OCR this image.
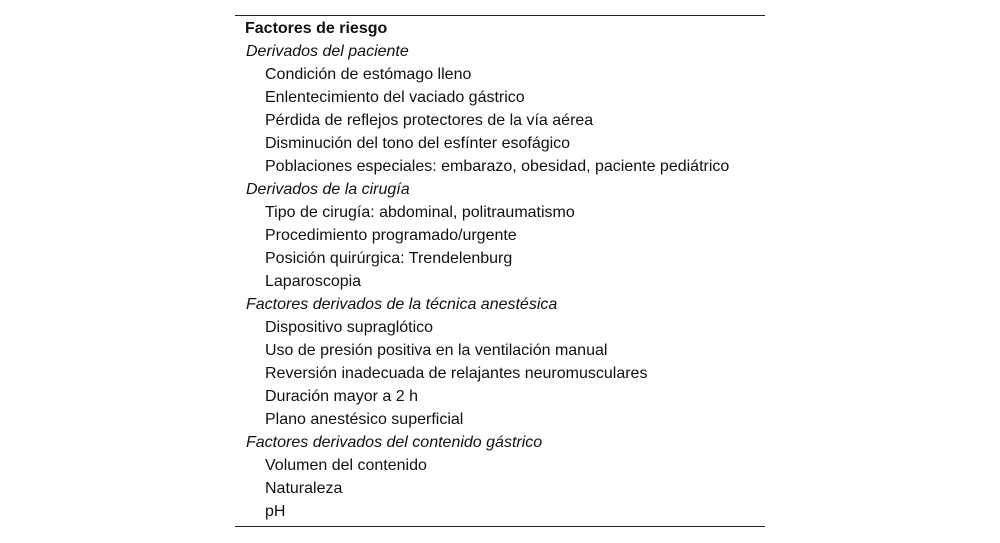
Factores de riesgo
Derivados del paciente
Condición de estómago lleno
Enlentecimiento del vaciado gástrico
Pérdida de reflejos protectores de la vía aérea
Disminución del tono del esfínter esofágico
Poblaciones especiales: embarazo, obesidad, paciente pediátrico
Derivados de la cirugía
Tipo de cirugía: abdominal, politraumatismo
Procedimiento programado/urgente
Posición quirúrgica: Trendelenburg
Laparoscopia
Factores derivados de la técnica anestésica
Dispositivo supraglótico
Uso de presión positiva en la ventilación manual
Reversión inadecuada de relajantes neuromusculares
Duración mayor a 2 h
Plano anestésico superficial
Factores derivados del contenido gástrico
Volumen del contenido
Naturaleza
pH
